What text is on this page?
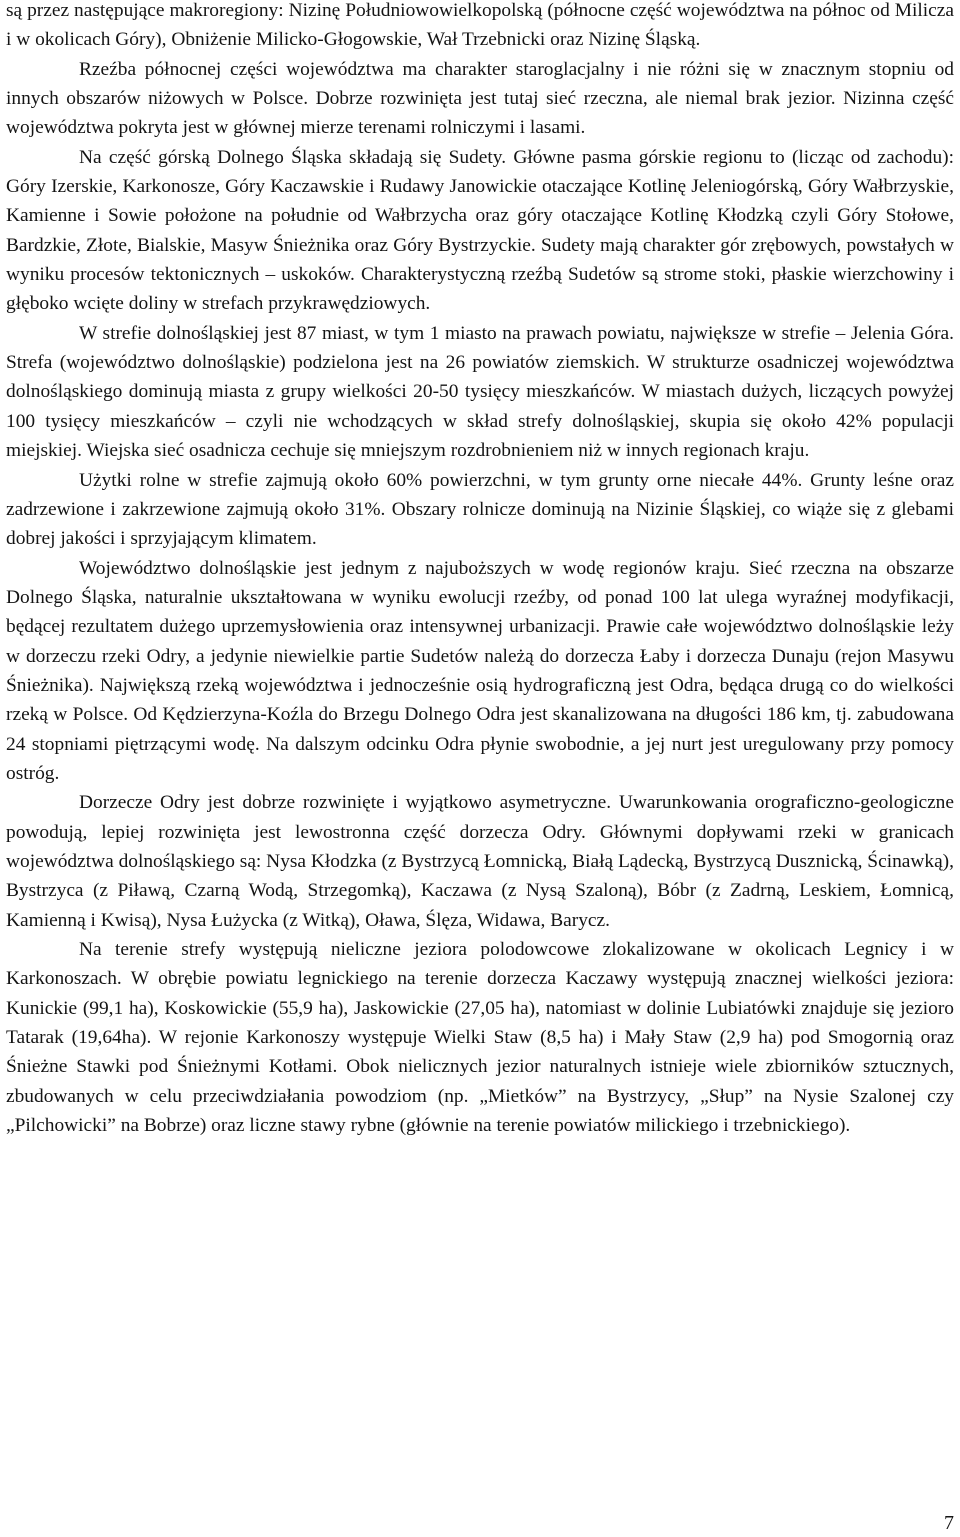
są przez następujące makroregiony: Nizinę Południowowielkopolską (północne część województwa na północ od Milicza i w okolicach Góry), Obniżenie Milicko-Głogowskie, Wał Trzebnicki oraz Nizinę Śląską.

Rzeźba północnej części województwa ma charakter staroglacjalny i nie różni się w znacznym stopniu od innych obszarów niżowych w Polsce. Dobrze rozwinięta jest tutaj sieć rzeczna, ale niemal brak jezior. Nizinna część województwa pokryta jest w głównej mierze terenami rolniczymi i lasami.

Na część górską Dolnego Śląska składają się Sudety. Główne pasma górskie regionu to (licząc od zachodu): Góry Izerskie, Karkonosze, Góry Kaczawskie i Rudawy Janowickie otaczające Kotlinę Jeleniogórską, Góry Wałbrzyskie, Kamienne i Sowie położone na południe od Wałbrzycha oraz góry otaczające Kotlinę Kłodzką czyli Góry Stołowe, Bardzkie, Złote, Bialskie, Masyw Śnieżnika oraz Góry Bystrzyckie. Sudety mają charakter gór zrębowych, powstałych w wyniku procesów tektonicznych – uskoków. Charakterystyczną rzeźbą Sudetów są strome stoki, płaskie wierzchowiny i głęboko wcięte doliny w strefach przykrawędziowych.

W strefie dolnośląskiej jest 87 miast, w tym 1 miasto na prawach powiatu, największe w strefie – Jelenia Góra. Strefa (województwo dolnośląskie) podzielona jest na 26 powiatów ziemskich. W strukturze osadniczej województwa dolnośląskiego dominują miasta z grupy wielkości 20-50 tysięcy mieszkańców. W miastach dużych, liczących powyżej 100 tysięcy mieszkańców – czyli nie wchodzących w skład strefy dolnośląskiej, skupia się około 42% populacji miejskiej. Wiejska sieć osadnicza cechuje się mniejszym rozdrobnieniem niż w innych regionach kraju.

Użytki rolne w strefie zajmują około 60% powierzchni, w tym grunty orne niecałe 44%. Grunty leśne oraz zadrzewione i zakrzewione zajmują około 31%. Obszary rolnicze dominują na Nizinie Śląskiej, co wiąże się z glebami dobrej jakości i sprzyjającym klimatem.

Województwo dolnośląskie jest jednym z najuboższych w wodę regionów kraju. Sieć rzeczna na obszarze Dolnego Śląska, naturalnie ukształtowana w wyniku ewolucji rzeźby, od ponad 100 lat ulega wyraźnej modyfikacji, będącej rezultatem dużego uprzemysłowienia oraz intensywnej urbanizacji. Prawie całe województwo dolnośląskie leży w dorzeczu rzeki Odry, a jedynie niewielkie partie Sudetów należą do dorzecza Łaby i dorzecza Dunaju (rejon Masywu Śnieżnika). Największą rzeką województwa i jednocześnie osią hydrograficzną jest Odra, będąca drugą co do wielkości rzeką w Polsce. Od Kędzierzyna-Koźla do Brzegu Dolnego Odra jest skanalizowana na długości 186 km, tj. zabudowana 24 stopniami piętrzącymi wodę. Na dalszym odcinku Odra płynie swobodnie, a jej nurt jest uregulowany przy pomocy ostróg.

Dorzecze Odry jest dobrze rozwinięte i wyjątkowo asymetryczne. Uwarunkowania orograficzno-geologiczne powodują, lepiej rozwinięta jest lewostronna część dorzecza Odry. Głównymi dopływami rzeki w granicach województwa dolnośląskiego są: Nysa Kłodzka (z Bystrzycą Łomnicką, Białą Lądecką, Bystrzycą Dusznicką, Ścinawką), Bystrzyca (z Piławą, Czarną Wodą, Strzegomką), Kaczawa (z Nysą Szaloną), Bóbr (z Zadrną, Leskiem, Łomnicą, Kamienną i Kwisą), Nysa Łużycka (z Witką), Oława, Ślęza, Widawa, Barycz.

Na terenie strefy występują nieliczne jeziora polodowcowe zlokalizowane w okolicach Legnicy i w Karkonoszach. W obrębie powiatu legnickiego na terenie dorzecza Kaczawy występują znacznej wielkości jeziora: Kunickie (99,1 ha), Koskowickie (55,9 ha), Jaskowickie (27,05 ha), natomiast w dolinie Lubiatówki znajduje się jezioro Tatarak (19,64ha). W rejonie Karkonoszy występuje Wielki Staw (8,5 ha) i Mały Staw (2,9 ha) pod Smogornią oraz Śnieżne Stawki pod Śnieżnymi Kotłami. Obok nielicznych jezior naturalnych istnieje wiele zbiorników sztucznych, zbudowanych w celu przeciwdziałania powodziom (np. „Mietków” na Bystrzycy, „Słup” na Nysie Szalonej czy „Pilchowicki” na Bobrze) oraz liczne stawy rybne (głównie na terenie powiatów milickiego i trzebnickiego).

7
